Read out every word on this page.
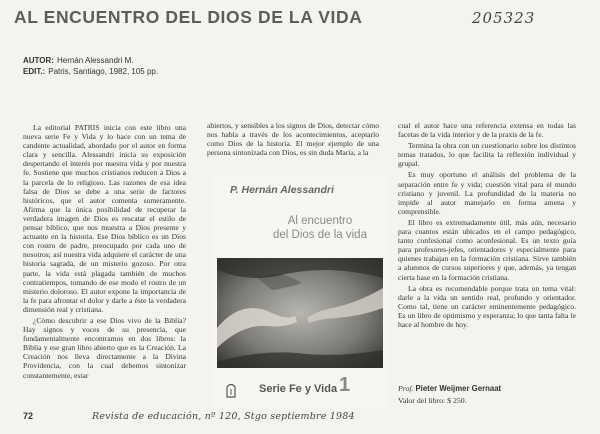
AL ENCUENTRO DEL DIOS DE LA VIDA	205323
AUTOR: Hernán Alessandri M.
EDIT.: Patris, Santiago, 1982, 105 pp.

La editorial PATRIS inicia con este libro una nueva serie Fe y Vida y lo hace con un tema de candente actualidad, abordado por el autor en forma clara y sencilla. Alessandri inicia su exposición despertando el interés por nuestra vida y por nuestra fe. Sostiene que muchos cristianos reducen a Dios a la parcela de lo religioso. Las razones de esa idea falsa de Dios se debe a una serie de factores históricos, que el autor comenta someramente. Afirma que la única posibilidad de recuperar la verdadera imagen de Dios es rescatar el estilo de pensar bíblico, que nos muestra a Dios presente y actuante en la historia. Ese Dios bíblico es un Dios con rostro de padre, preocupado por cada uno de nosotros; así nuestra vida adquiere el carácter de una historia sagrada, de un misterio gozoso. Por otra parte, la vida está plagada también de muchos contratiempos, tomando de ese modo el rostro de un misterio doloroso. El autor expone la importancia de la fe para afrontar el dolor y darle a éste la verdadera dimensión real y cristiana.

¿Cómo descubrir a ese Dios vivo de la Biblia? Hay signos y voces de su presencia, que fundamentalmente encontramos en dos libros: la Biblia y ese gran libro abierto que es la Creación. La Creación nos lleva directamente a la Divina Providencia, con la cual debemos sintonizar constantemente, estar

abiertos, y sensibles a los signos de Dios, detectar cómo nos habla a través de los acontecimientos, aceptarlo como Dios de la historia. El mejor ejemplo de una persona sintonizada con Dios, es sin duda María, a la

P. Hernán Alessandri
Al encuentro
del Dios de la vida
Serie Fe y Vida 1

cual el autor hace una referencia extensa en todas las facetas de la vida interior y de la praxis de la fe.

Termina la obra con un cuestionario sobre los distintos temas tratados, lo que facilita la reflexión individual y grupal.

Es muy oportuno el análisis del problema de la separación entre fe y vida; cuestión vital para el mundo cristiano y juvenil. La profundidad de la materia no impide al autor manejarlo en forma amena y comprensible.

El libro es extremadamente útil, más aún, necesario para cuantos están ubicados en el campo pedagógico, tanto confesional como aconfesional. Es un texto guía para profesores-jefes, orientadores y especialmente para quienes trabajan en la formación cristiana. Sirve también a alumnos de cursos superiores y que, además, ya tengan cierta base en la formación cristiana.

La obra es recomendable porque trata un tema vital: darle a la vida un sentido real, profundo y orientador. Como tal, tiene un carácter eminentemente pedagógico. Es un libro de optimismo y esperanza; lo que tanta falta le hace al hombre de hoy.

Prof. Pieter Weijmer Gernaat
Valor del libro: $ 250.
72	Revista de educación, nº 120, Stgo septiembre 1984
